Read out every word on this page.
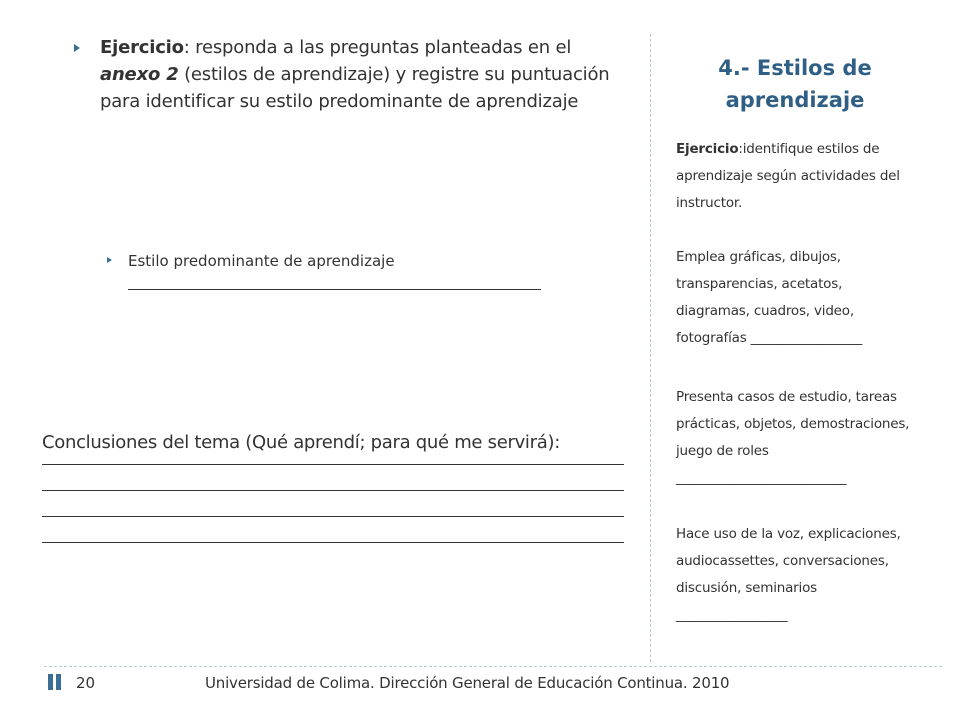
Ejercicio: responda a las preguntas planteadas en el anexo 2 (estilos de aprendizaje) y registre su puntuación para identificar su estilo predominante de aprendizaje
Estilo predominante de aprendizaje
Conclusiones del tema (Qué aprendí; para qué me servirá):
4.- Estilos de aprendizaje
Ejercicio:identifique estilos de aprendizaje según actividades del instructor.
Emplea gráficas, dibujos, transparencias, acetatos, diagramas, cuadros, video, fotografías _________________
Presenta casos de estudio, tareas prácticas, objetos, demostraciones, juego de roles
__________________________
Hace uso de la voz, explicaciones, audiocassettes, conversaciones, discusión, seminarios _________________
20	Universidad de Colima. Dirección General de Educación Continua. 2010
